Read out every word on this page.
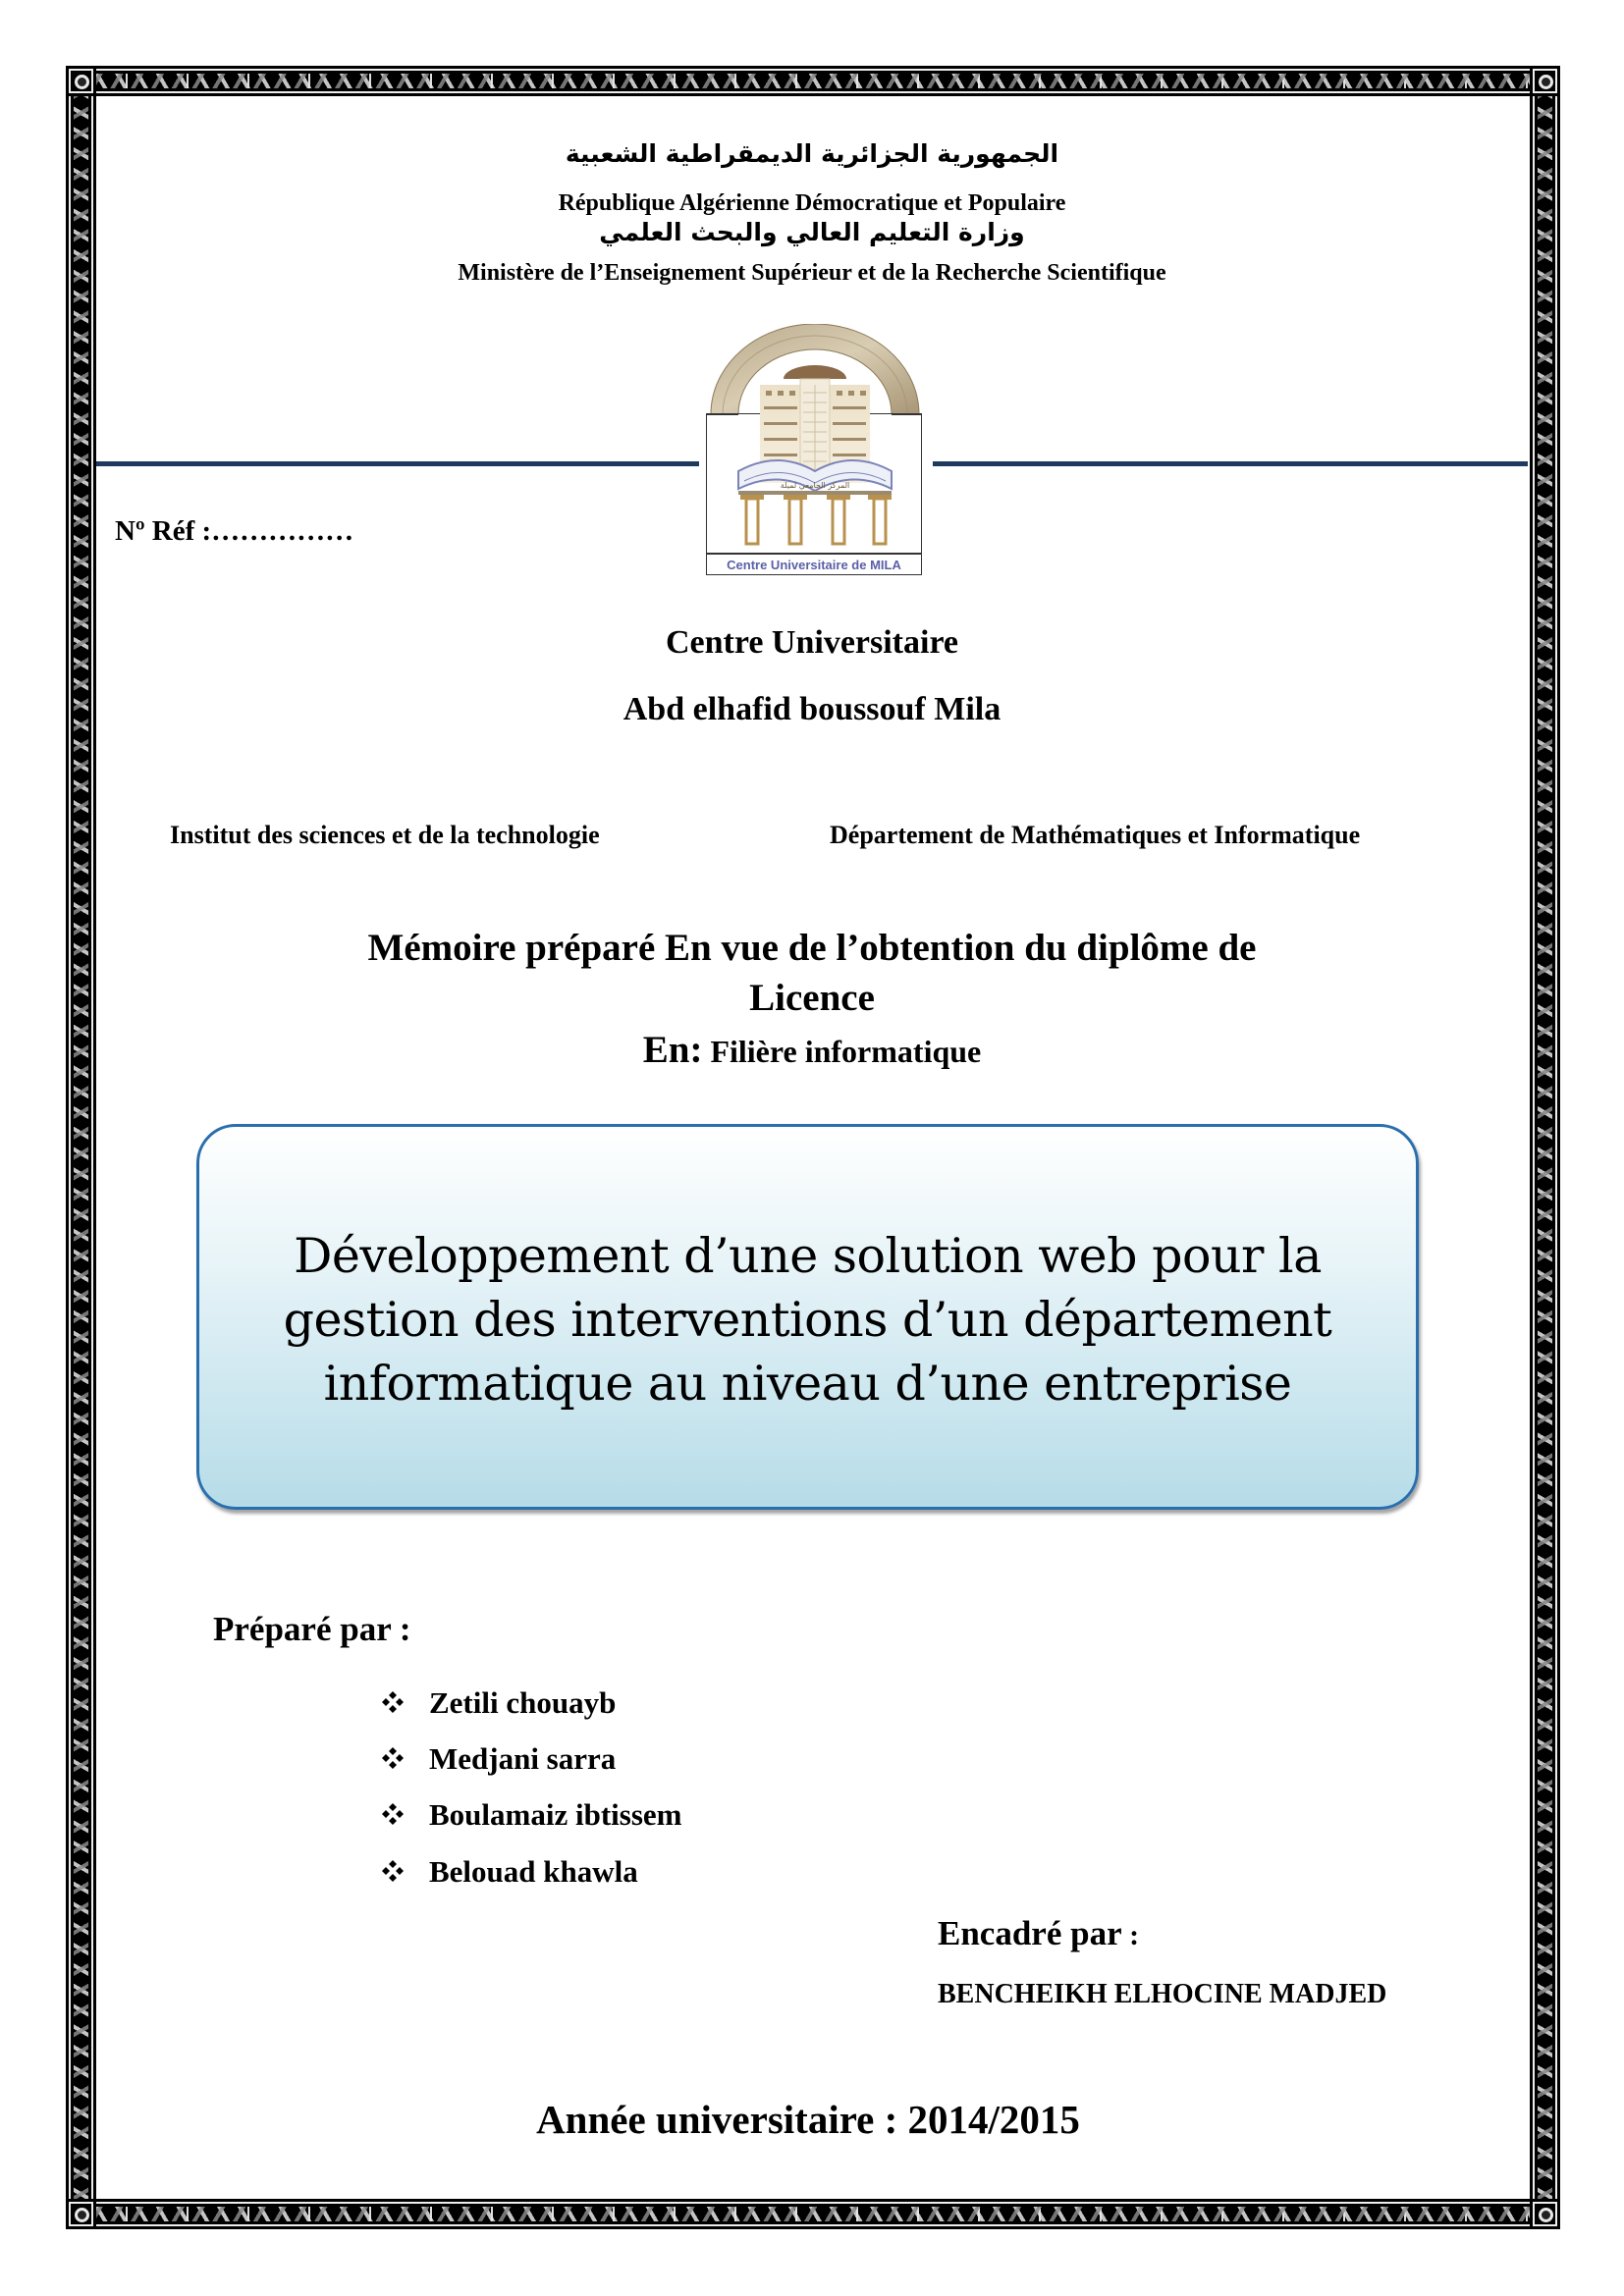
الجمهورية الجزائرية الديمقراطية الشعبية
République Algérienne Démocratique et Populaire
وزارة التعليم العالي والبحث العلمي
Ministère de l’Enseignement Supérieur et de la Recherche Scientifique
المركز الجامعي لميلة
Centre Universitaire de MILA
Nº Réf :……………
Centre Universitaire
Abd elhafid boussouf Mila
Institut des sciences et de la technologie	Département de Mathématiques et Informatique
Mémoire préparé En vue de l’obtention du diplôme de
Licence
En: Filière informatique
Développement d’une solution web pour la
gestion des interventions d’un département
informatique au niveau d’une entreprise
Préparé par :
Zetili chouayb
Medjani sarra
Boulamaiz ibtissem
Belouad khawla
Encadré par :
BENCHEIKH ELHOCINE MADJED
Année universitaire : 2014/2015
